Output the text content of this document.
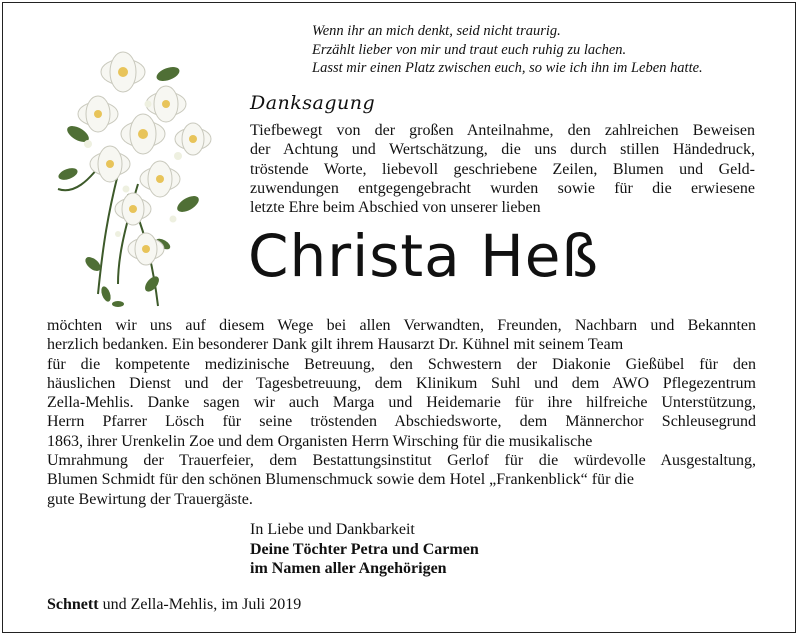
Wenn ihr an mich denkt, seid nicht traurig.
Erzählt lieber von mir und traut euch ruhig zu lachen.
Lasst mir einen Platz zwischen euch, so wie ich ihn im Leben hatte.
Danksagung
Tiefbewegt von der großen Anteilnahme, den zahlreichen Beweisen
der Achtung und Wertschätzung, die uns durch stillen Händedruck,
tröstende Worte, liebevoll geschriebene Zeilen, Blumen und Geld-
zuwendungen entgegengebracht wurden sowie für die erwiesene
letzte Ehre beim Abschied von unserer lieben
Christa Heß
möchten wir uns auf diesem Wege bei allen Verwandten, Freunden, Nachbarn und Bekannten
herzlich bedanken. Ein besonderer Dank gilt ihrem Hausarzt Dr. Kühnel mit seinem Team
für die kompetente medizinische Betreuung, den Schwestern der Diakonie Gießübel für den
häuslichen Dienst und der Tagesbetreuung, dem Klinikum Suhl und dem AWO Pflegezentrum
Zella-Mehlis. Danke sagen wir auch Marga und Heidemarie für ihre hilfreiche Unterstützung,
Herrn Pfarrer Lösch für seine tröstenden Abschiedsworte, dem Männerchor Schleusegrund
1863, ihrer Urenkelin Zoe und dem Organisten Herrn Wirsching für die musikalische
Umrahmung der Trauerfeier, dem Bestattungsinstitut Gerlof für die würdevolle Ausgestaltung,
Blumen Schmidt für den schönen Blumenschmuck sowie dem Hotel „Frankenblick“ für die
gute Bewirtung der Trauergäste.
In Liebe und Dankbarkeit
Deine Töchter Petra und Carmen
im Namen aller Angehörigen
Schnett und Zella-Mehlis, im Juli 2019
